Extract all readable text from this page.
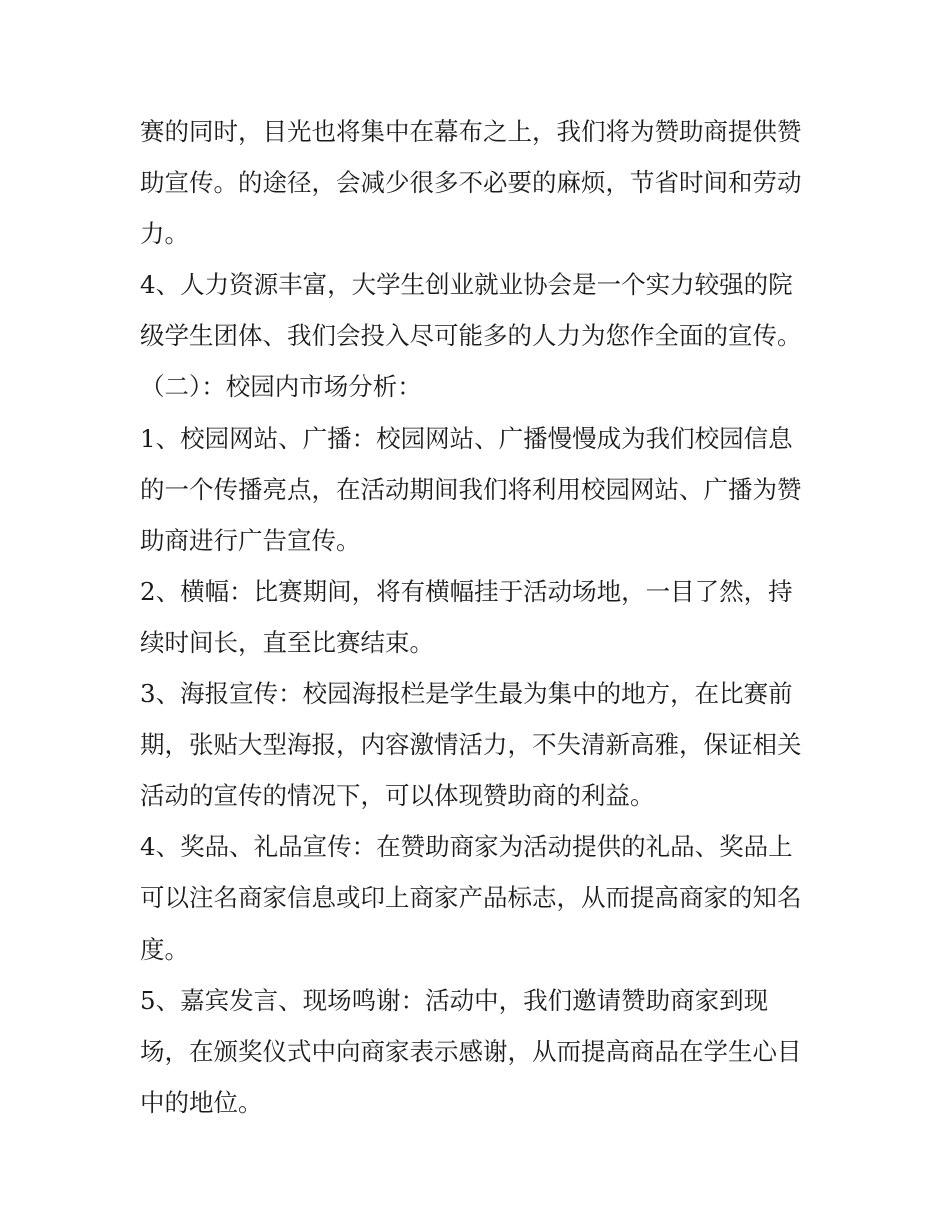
赛的同时，目光也将集中在幕布之上，我们将为赞助商提供赞

助宣传。的途径，会减少很多不必要的麻烦，节省时间和劳动

力。

4、人力资源丰富，大学生创业就业协会是一个实力较强的院

级学生团体、我们会投入尽可能多的人力为您作全面的宣传。

（二）：校园内市场分析：

1、校园网站、广播：校园网站、广播慢慢成为我们校园信息

的一个传播亮点，在活动期间我们将利用校园网站、广播为赞

助商进行广告宣传。

2、横幅：比赛期间，将有横幅挂于活动场地，一目了然，持

续时间长，直至比赛结束。

3、海报宣传：校园海报栏是学生最为集中的地方，在比赛前

期，张贴大型海报，内容激情活力，不失清新高雅，保证相关

活动的宣传的情况下，可以体现赞助商的利益。

4、奖品、礼品宣传：在赞助商家为活动提供的礼品、奖品上

可以注名商家信息或印上商家产品标志，从而提高商家的知名

度。

5、嘉宾发言、现场鸣谢：活动中，我们邀请赞助商家到现

场，在颁奖仪式中向商家表示感谢，从而提高商品在学生心目

中的地位。
